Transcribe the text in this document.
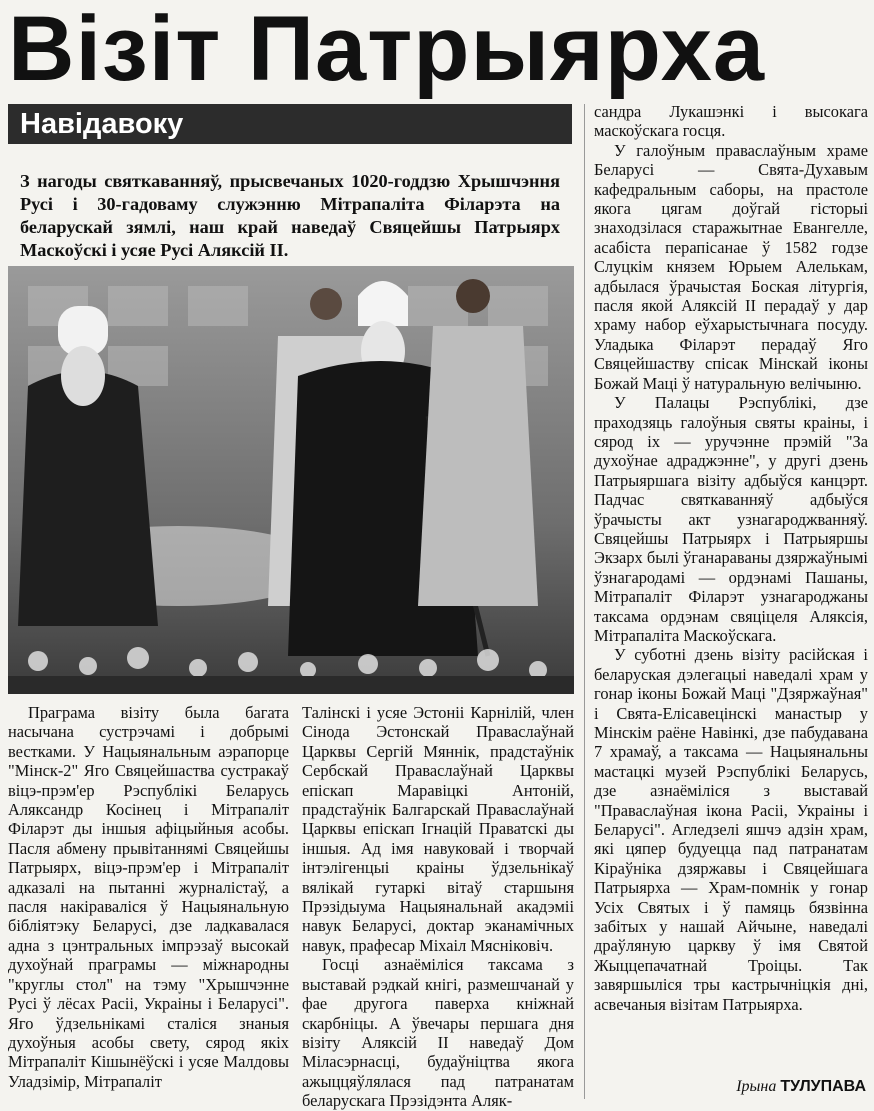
Візіт Патрыярха
Навідавоку
З нагоды святкаванняў, прысвечаных 1020-годдзю Хрышчэння Русі і 30-гадоваму служэнню Мітрапаліта Філарэта на беларускай зямлі, наш край наведаў Свяцейшы Патрыярх Маскоўскі і усяе Русі Аляксій II.

Праграма візіту была багата насычана сустрэчамі і добрымі вестками. У Нацыянальным аэрапорце "Мінск-2" Яго Свяцейшаства сустракаў віцэ-прэм'ер Рэспублікі Беларусь Аляксандр Косінец і Мітрапаліт Філарэт ды іншыя афіцыйныя асобы. Пасля абмену прывітаннямі Свяцейшы Патрыярх, віцэ-прэм'ер і Мітрапаліт адказалі на пытанні журналістаў, а пасля накіраваліся ў Нацыянальную бібліятэку Беларусі, дзе ладкавалася адна з цэнтральных імпрэзаў высокай духоўнай праграмы — міжнародны "круглы стол" на тэму "Хрышчэнне Русі ў лёсах Расіі, Украіны і Беларусі". Яго ўдзельнікамі сталіся знаныя духоўныя асобы свету, сярод якіх Мітрапаліт Кішынёўскі і усяе Малдовы Уладзімір, Мітрапаліт

Талінскі і усяе Эстоніі Карнілій, член Сінода Эстонскай Праваслаўнай Царквы Сергій Мяннік, прадстаўнік Сербскай Праваслаўнай Царквы епіскап Маравіцкі Антоній, прадстаўнік Балгарскай Праваслаўнай Царквы епіскап Ігнацій Праватскі ды іншыя. Ад імя навуковай і творчай інтэлігенцыі краіны ўдзельнікаў вялікай гутаркі вітаў старшыня Прэзідыума Нацыянальнай акадэміі навук Беларусі, доктар эканамічных навук, прафесар Міхаіл Мясніковіч.

Госці азнаёміліся таксама з выставай рэдкай кнігі, размешчанай у фае другога паверха кніжнай скарбніцы. А ўвечары першага дня візіту Аляксій II наведаў Дом Міласэрнасці, будаўніцтва якога ажыццяўлялася пад патранатам беларускага Прэзідэнта Аляк-

сандра Лукашэнкі і высокага маскоўскага госця.

У галоўным праваслаўным храме Беларусі — Свята-Духавым кафедральным саборы, на прастоле якога цягам доўгай гісторыі знаходзілася старажытнае Евангелле, асабіста перапісанае ў 1582 годзе Слуцкім князем Юрыем Алелькам, адбылася ўрачыстая Боская літургія, пасля якой Аляксій II перадаў у дар храму набор еўхарыстычнага посуду. Уладыка Філарэт перадаў Яго Свяцейшаству спісак Мінскай іконы Божай Маці ў натуральную велічыню.

У Палацы Рэспублікі, дзе праходзяць галоўныя святы краіны, і сярод іх — уручэнне прэмій "За духоўнае адраджэнне", у другі дзень Патрыяршага візіту адбыўся канцэрт. Падчас святкаванняў адбыўся ўрачысты акт узнагароджванняў. Свяцейшы Патрыярх і Патрыяршы Экзарх былі ўганараваны дзяржаўнымі ўзнагародамі — ордэнамі Пашаны, Мітрапаліт Філарэт узнагароджаны таксама ордэнам свяціцеля Аляксія, Мітрапаліта Маскоўскага.

У суботні дзень візіту расійская і беларуская дэлегацыі наведалі храм у гонар іконы Божай Маці "Дзяржаўная" і Свята-Елісавецінскі манастыр у Мінскім раёне Навінкі, дзе пабудавана 7 храмаў, а таксама — Нацыянальны мастацкі музей Рэспублікі Беларусь, дзе азнаёміліся з выставай "Праваслаўная ікона Расіі, Украіны і Беларусі". Агледзелі яшчэ адзін храм, які цяпер будуецца пад патранатам Кіраўніка дзяржавы і Свяцейшага Патрыярха — Храм-помнік у гонар Усіх Святых і ў памяць бязвінна забітых у нашай Айчыне, наведалі драўляную царкву ў імя Святой Жыццепачатнай Троіцы. Так завяршыліся тры кастрычніцкія дні, асвечаныя візітам Патрыярха.

Ірына ТУЛУПАВА
